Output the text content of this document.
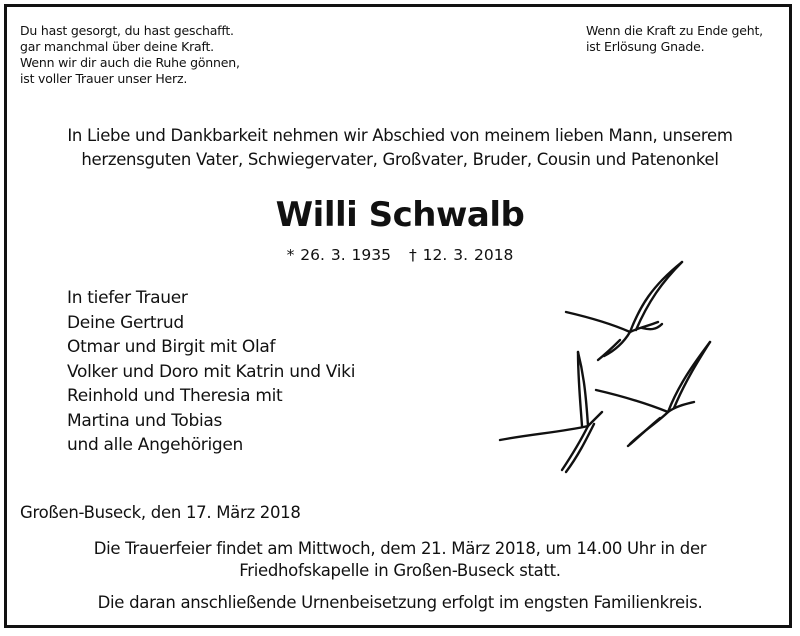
Du hast gesorgt, du hast geschafft.
gar manchmal über deine Kraft.
Wenn wir dir auch die Ruhe gönnen,
ist voller Trauer unser Herz.
Wenn die Kraft zu Ende geht,
ist Erlösung Gnade.
In Liebe und Dankbarkeit nehmen wir Abschied von meinem lieben Mann, unserem
herzensguten Vater, Schwiegervater, Großvater, Bruder, Cousin und Patenonkel
Willi Schwalb
* 26. 3. 1935 † 12. 3. 2018
In tiefer Trauer
Deine Gertrud
Otmar und Birgit mit Olaf
Volker und Doro mit Katrin und Viki
Reinhold und Theresia mit
Martina und Tobias
und alle Angehörigen
Großen-Buseck, den 17. März 2018
Die Trauerfeier findet am Mittwoch, dem 21. März 2018, um 14.00 Uhr in der
Friedhofskapelle in Großen-Buseck statt.
Die daran anschließende Urnenbeisetzung erfolgt im engsten Familienkreis.
